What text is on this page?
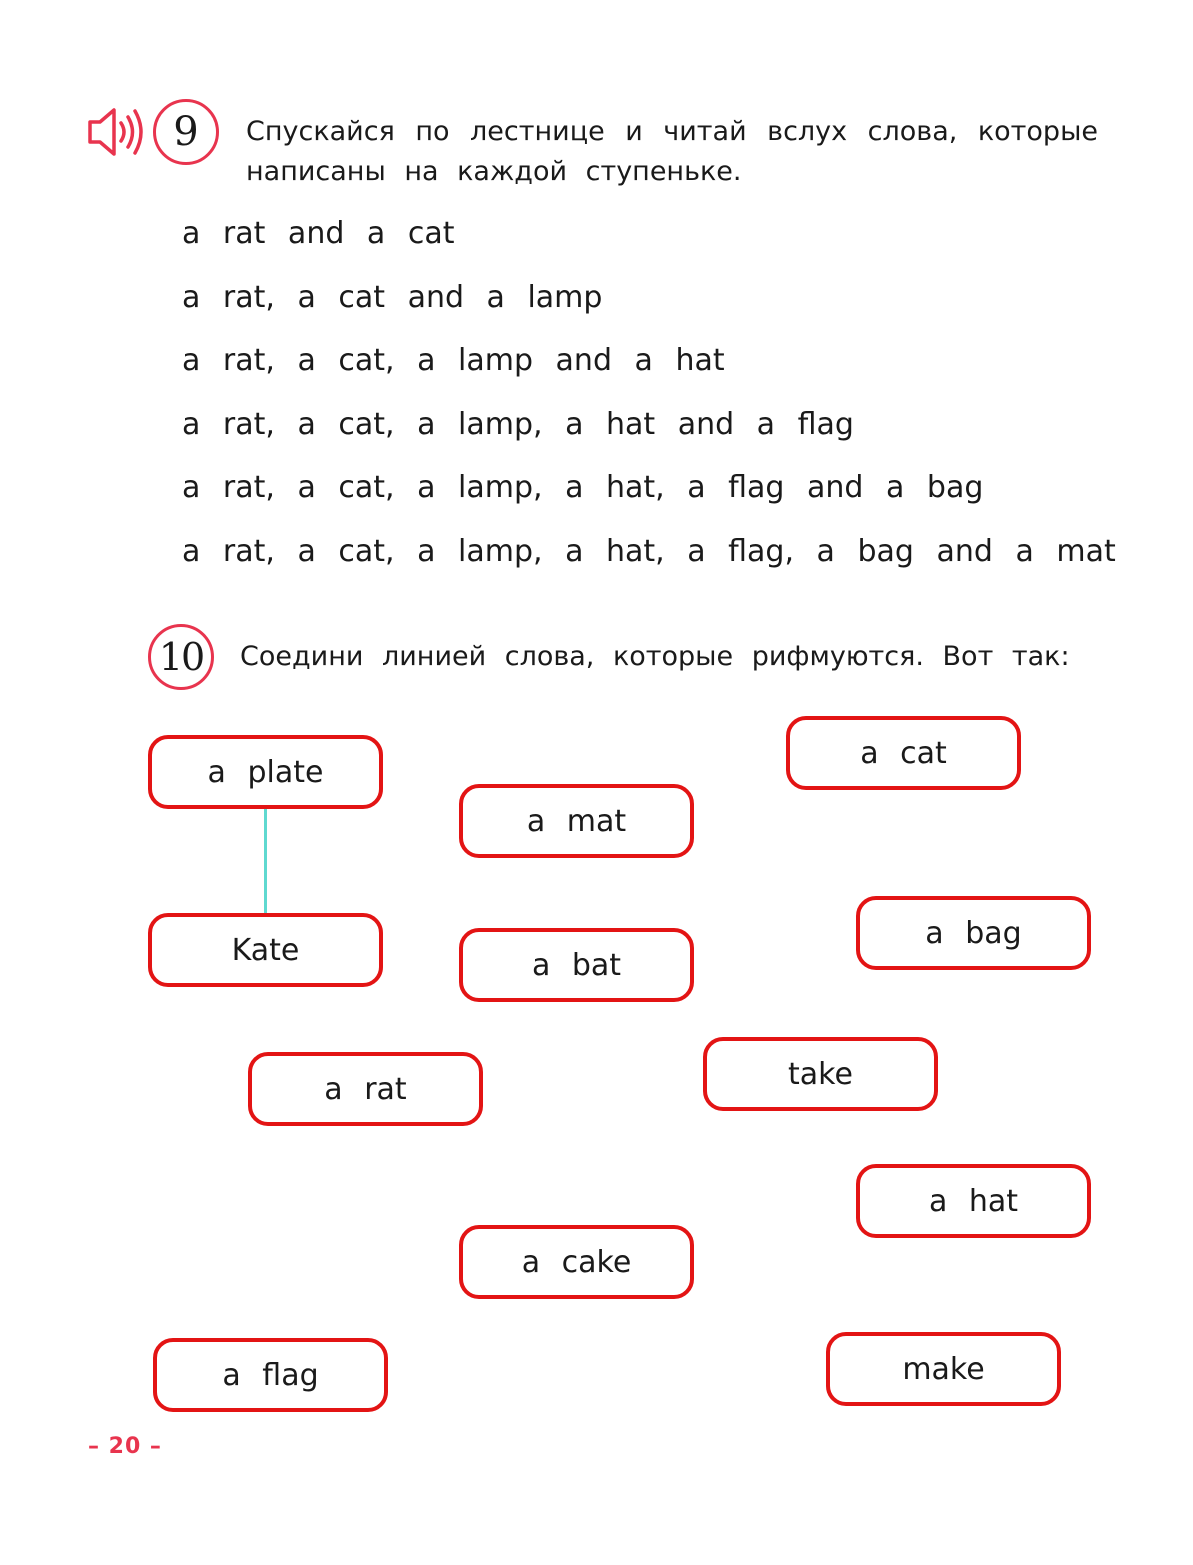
9	Спускайся по лестнице и читай вслух слова, которые написаны на каждой ступеньке.
a rat and a cat
a rat, a cat and a lamp
a rat, a cat, a lamp and a hat
a rat, a cat, a lamp, a hat and a flag
a rat, a cat, a lamp, a hat, a flag and a bag
a rat, a cat, a lamp, a hat, a flag, a bag and a mat
10	Соедини линией слова, которые рифмуются. Вот так:
a plate
Kate
a rat
a flag
a mat
a bat
a cake
a cat
a bag
take
a hat
make
– 20 –
